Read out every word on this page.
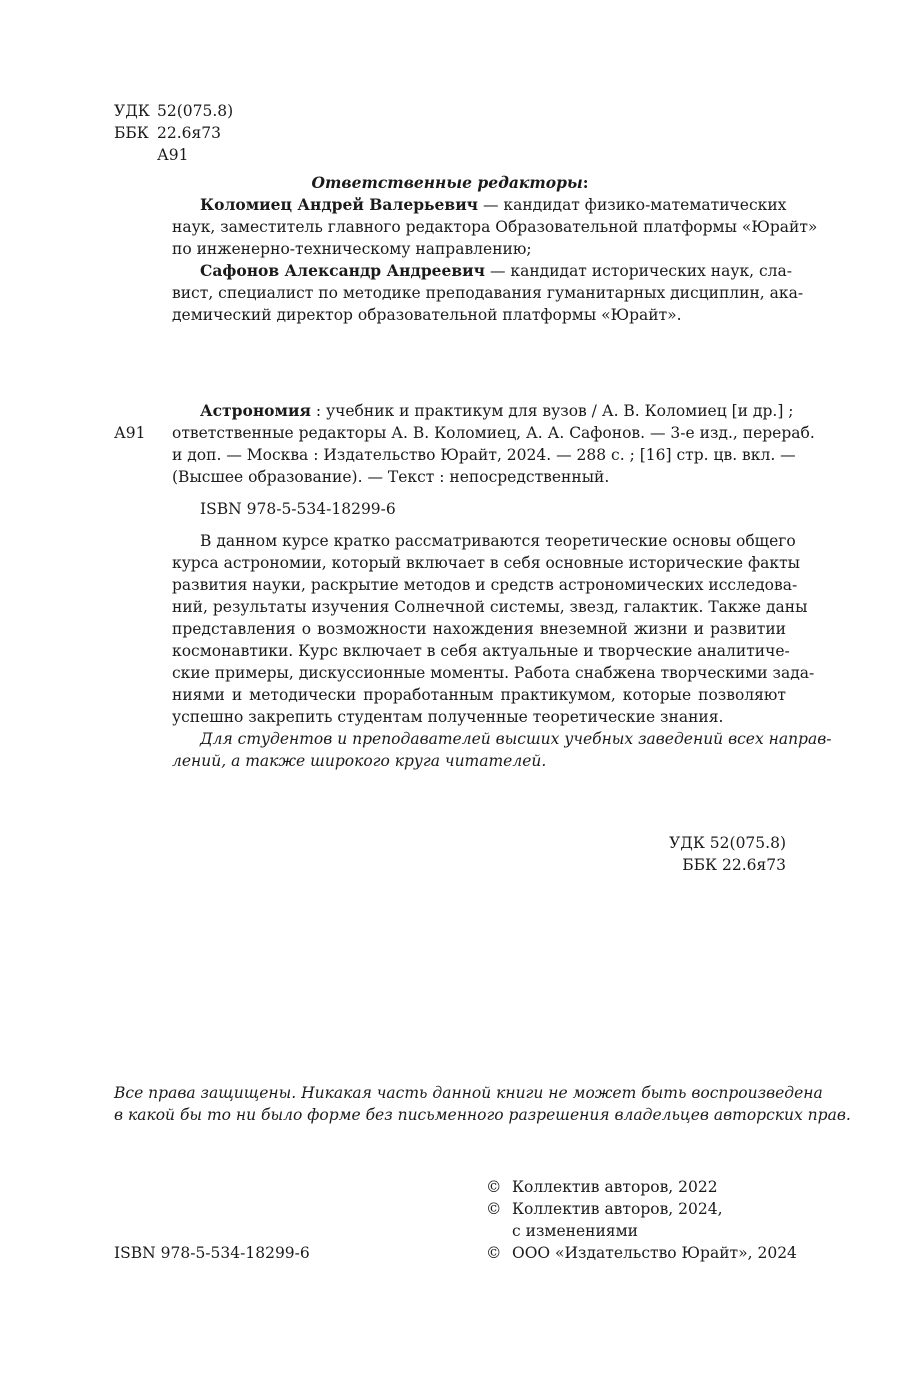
УДК 52(075.8)
ББК 22.6я73
А91
Ответственные редакторы:
Коломиец Андрей Валерьевич — кандидат физико-математических
наук, заместитель главного редактора Образовательной платформы «Юрайт»
по инженерно-техническому направлению;
Сафонов Александр Андреевич — кандидат исторических наук, сла-
вист, специалист по методике преподавания гуманитарных дисциплин, ака-
демический директор образовательной платформы «Юрайт».
А91
Астрономия : учебник и практикум для вузов / А. В. Коломиец [и др.] ;
ответственные редакторы А. В. Коломиец, А. А. Сафонов. — 3-е изд., перераб.
и доп. — Москва : Издательство Юрайт, 2024. — 288 с. ; [16] стр. цв. вкл. —
(Высшее образование). — Текст : непосредственный.
ISBN 978-5-534-18299-6
В данном курсе кратко рассматриваются теоретические основы общего
курса астрономии, который включает в себя основные исторические факты
развития науки, раскрытие методов и средств астрономических исследова-
ний, результаты изучения Солнечной системы, звезд, галактик. Также даны
представления о возможности нахождения внеземной жизни и развитии
космонавтики. Курс включает в себя актуальные и творческие аналитиче-
ские примеры, дискуссионные моменты. Работа снабжена творческими зада-
ниями и методически проработанным практикумом, которые позволяют
успешно закрепить студентам полученные теоретические знания.
Для студентов и преподавателей высших учебных заведений всех направ-
лений, а также широкого круга читателей.
УДК 52(075.8)
ББК 22.6я73
Все права защищены. Никакая часть данной книги не может быть воспроизведена
в какой бы то ни было форме без письменного разрешения владельцев авторских прав.
© Коллектив авторов, 2022
© Коллектив авторов, 2024,
с изменениями
ISBN 978-5-534-18299-6	© ООО «Издательство Юрайт», 2024
